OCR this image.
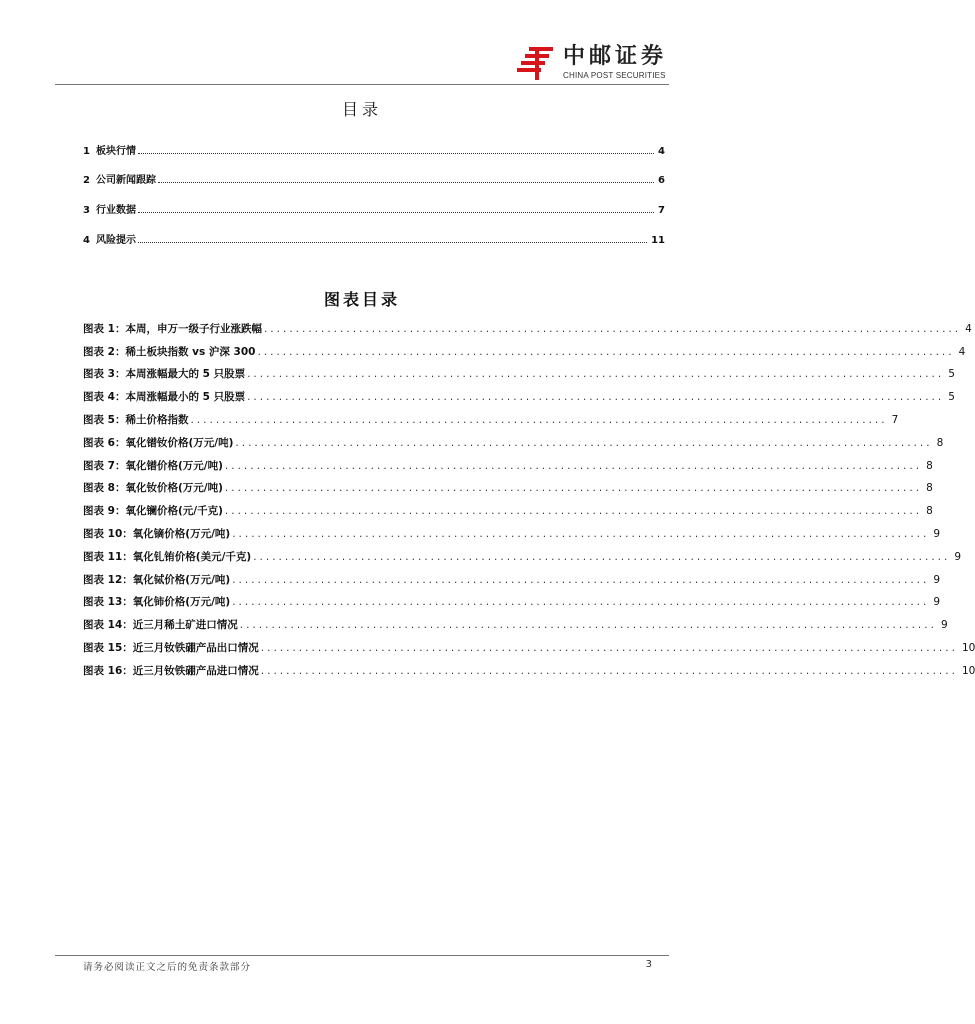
中邮证券
CHINA POST SECURITIES
目录
1 板块行情	4
2 公司新闻跟踪	6
3 行业数据	7
4 风险提示	11
图表目录
图表 1：本周，申万一级子行业涨跌幅 .............................................................................................................. 4
图表 2：稀土板块指数 vs 沪深 300 .............................................................................................................. 4
图表 3：本周涨幅最大的 5 只股票 .............................................................................................................. 5
图表 4：本周涨幅最小的 5 只股票 .............................................................................................................. 5
图表 5：稀土价格指数 .............................................................................................................. 7
图表 6：氧化镨钕价格(万元/吨) .............................................................................................................. 8
图表 7：氧化镨价格(万元/吨) .............................................................................................................. 8
图表 8：氧化钕价格(万元/吨) .............................................................................................................. 8
图表 9：氧化镧价格(元/千克) .............................................................................................................. 8
图表 10：氧化镝价格(万元/吨) .............................................................................................................. 9
图表 11：氧化钆铕价格(美元/千克) .............................................................................................................. 9
图表 12：氧化铽价格(万元/吨) .............................................................................................................. 9
图表 13：氧化铈价格(万元/吨) .............................................................................................................. 9
图表 14：近三月稀土矿进口情况 .............................................................................................................. 9
图表 15：近三月钕铁硼产品出口情况 .............................................................................................................. 10
图表 16：近三月钕铁硼产品进口情况 .............................................................................................................. 10
请务必阅读正文之后的免责条款部分	3
